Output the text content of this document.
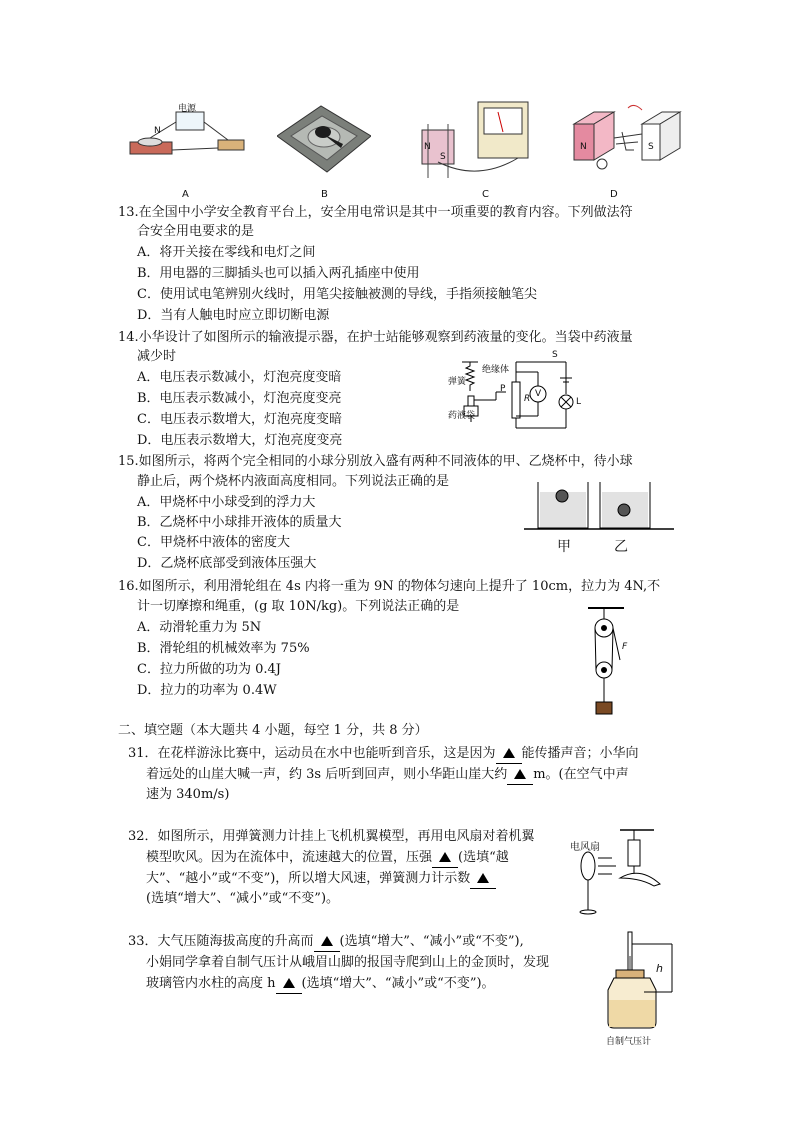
电源
N
A	B
N
S
C
N	S
D
13.在全国中小学安全教育平台上，安全用电常识是其中一项重要的教育内容。下列做法符
合安全用电要求的是
A．将开关接在零线和电灯之间
B．用电器的三脚插头也可以插入两孔插座中使用
C．使用试电笔辨别火线时，用笔尖接触被测的导线，手指须接触笔尖
D．当有人触电时应立即切断电源
14.小华设计了如图所示的输液提示器，在护士站能够观察到药液量的变化。当袋中药液量
减少时
A．电压表示数减小，灯泡亮度变暗
B．电压表示数减小，灯泡亮度变亮
C．电压表示数增大，灯泡亮度变暗
D．电压表示数增大，灯泡亮度变亮
弹簧
绝缘体
药液袋
P
R V
L
S
15.如图所示，将两个完全相同的小球分别放入盛有两种不同液体的甲、乙烧杯中，待小球
静止后，两个烧杯内液面高度相同。下列说法正确的是
A．甲烧杯中小球受到的浮力大
B．乙烧杯中小球排开液体的质量大
C．甲烧杯中液体的密度大
D．乙烧杯底部受到液体压强大
甲	乙
16.如图所示，利用滑轮组在 4s 内将一重为 9N 的物体匀速向上提升了 10cm，拉力为 4N,不
计一切摩擦和绳重，(g 取 10N/kg)。下列说法正确的是
A．动滑轮重力为 5N
B．滑轮组的机械效率为 75%
C．拉力所做的功为 0.4J
D．拉力的功率为 0.4W
F
二、填空题（本大题共 4 小题，每空 1 分，共 8 分）
31．在花样游泳比赛中，运动员在水中也能听到音乐，这是因为 能传播声音；小华向
着远处的山崖大喊一声，约 3s 后听到回声，则小华距山崖大约 m。(在空气中声
速为 340m/s)
32．如图所示，用弹簧测力计挂上飞机机翼模型，再用电风扇对着机翼
模型吹风。因为在流体中，流速越大的位置，压强 (选填“越
大”、“越小”或“不变”)，所以增大风速，弹簧测力计示数
(选填“增大”、“减小”或“不变”)。
电风扇
33．大气压随海拔高度的升高而 (选填“增大”、“减小”或“不变”),
小娟同学拿着自制气压计从峨眉山脚的报国寺爬到山上的金顶时，发现
玻璃管内水柱的高度 h (选填“增大”、“减小”或“不变”)。
h
自制气压计
